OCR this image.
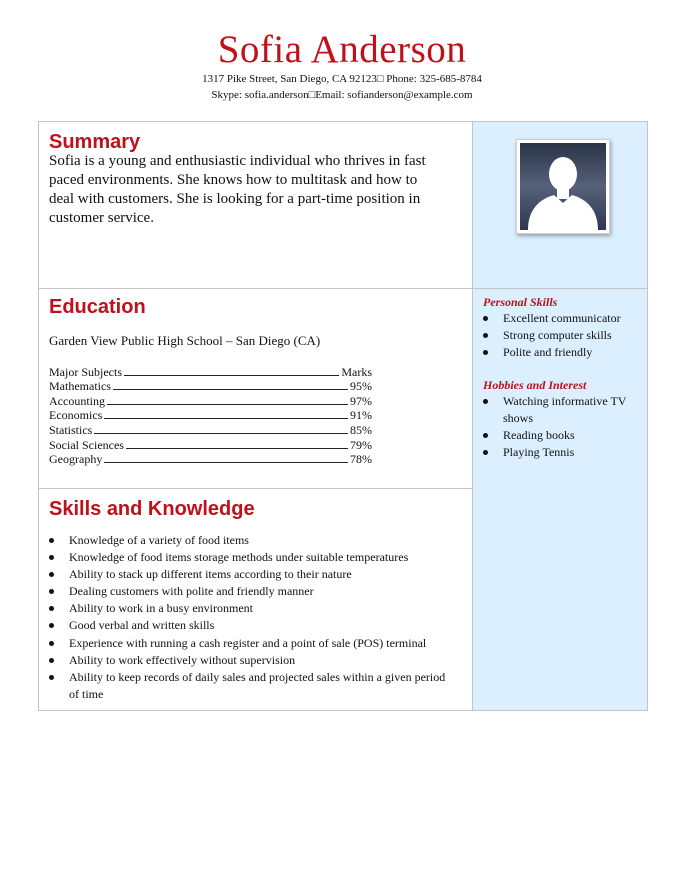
Sofia Anderson
1317 Pike Street, San Diego, CA 92123□ Phone: 325-685-8784
Skype: sofia.anderson□Email: sofianderson@example.com
Summary

Sofia is a young and enthusiastic individual who thrives in fast paced environments. She knows how to multitask and how to deal with customers. She is looking for a part-time position in customer service.

Education
Garden View Public High School – San Diego (CA)
Major Subjects	Marks
Mathematics	95%
Accounting	97%
Economics	91%
Statistics	85%
Social Sciences	79%
Geography	78%
Skills and Knowledge
Knowledge of a variety of food items
Knowledge of food items storage methods under suitable temperatures
Ability to stack up different items according to their nature
Dealing customers with polite and friendly manner
Ability to work in a busy environment
Good verbal and written skills
Experience with running a cash register and a point of sale (POS) terminal
Ability to work effectively without supervision
Ability to keep records of daily sales and projected sales within a given period of time
Personal Skills
Excellent communicator
Strong computer skills
Polite and friendly
Hobbies and Interest
Watching informative TV shows
Reading books
Playing Tennis
